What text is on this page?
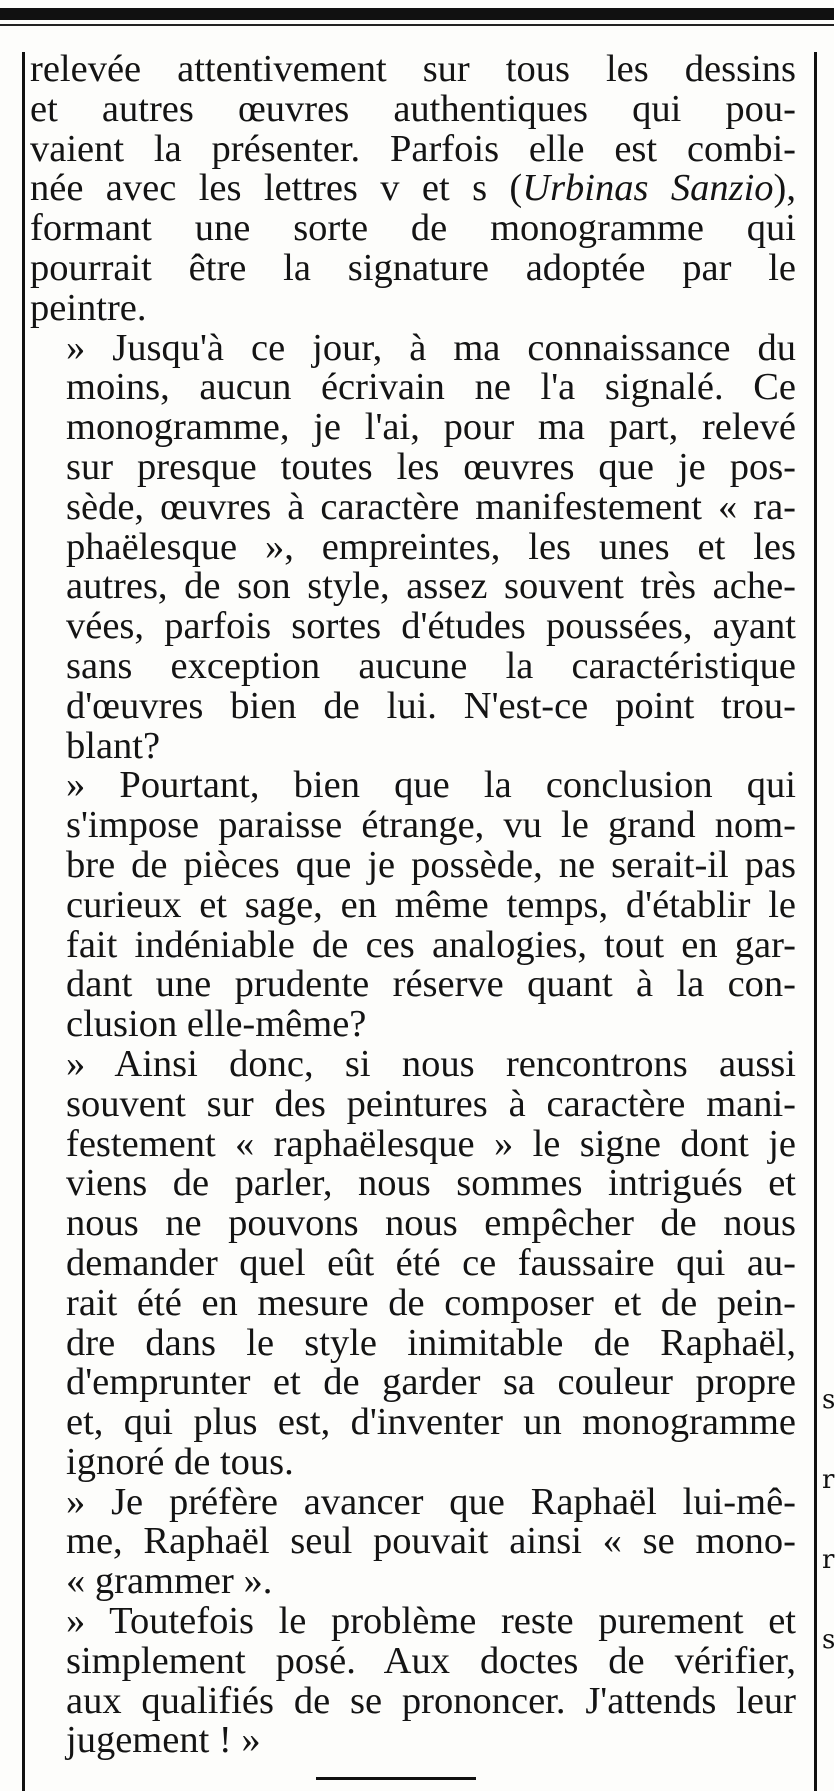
relevée attentivement sur tous les dessins
et autres œuvres authentiques qui pou-
vaient la présenter. Parfois elle est combi-
née avec les lettres v et s (Urbinas Sanzio),
formant une sorte de monogramme qui
pourrait être la signature adoptée par le
peintre.

» Jusqu'à ce jour, à ma connaissance du
moins, aucun écrivain ne l'a signalé. Ce
monogramme, je l'ai, pour ma part, relevé
sur presque toutes les œuvres que je pos-
sède, œuvres à caractère manifestement « ra-
phaëlesque », empreintes, les unes et les
autres, de son style, assez souvent très ache-
vées, parfois sortes d'études poussées, ayant
sans exception aucune la caractéristique
d'œuvres bien de lui. N'est-ce point trou-
blant?

» Pourtant, bien que la conclusion qui
s'impose paraisse étrange, vu le grand nom-
bre de pièces que je possède, ne serait-il pas
curieux et sage, en même temps, d'établir le
fait indéniable de ces analogies, tout en gar-
dant une prudente réserve quant à la con-
clusion elle-même?

» Ainsi donc, si nous rencontrons aussi
souvent sur des peintures à caractère mani-
festement « raphaëlesque » le signe dont je
viens de parler, nous sommes intrigués et
nous ne pouvons nous empêcher de nous
demander quel eût été ce faussaire qui au-
rait été en mesure de composer et de pein-
dre dans le style inimitable de Raphaël,
d'emprunter et de garder sa couleur propre
et, qui plus est, d'inventer un monogramme
ignoré de tous.

» Je préfère avancer que Raphaël lui-mê-
me, Raphaël seul pouvait ainsi « se mono-
« grammer ».

» Toutefois le problème reste purement et
simplement posé. Aux doctes de vérifier,
aux qualifiés de se prononcer. J'attends leur
jugement ! »

s
r
r
s
